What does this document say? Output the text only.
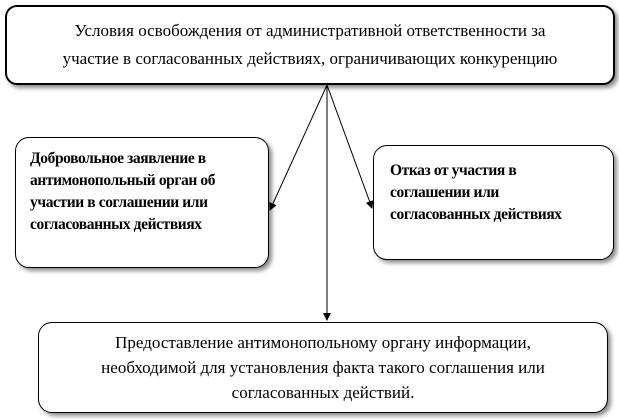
Условия освобождения от административной ответственности за
участие в согласованных действиях, ограничивающих конкуренцию
Добровольное заявление в
антимонопольный орган об
участии в соглашении или
согласованных действиях
Отказ от участия в
соглашении или
согласованных действиях
Предоставление антимонопольному органу информации,
необходимой для установления факта такого соглашения или
согласованных действий.
